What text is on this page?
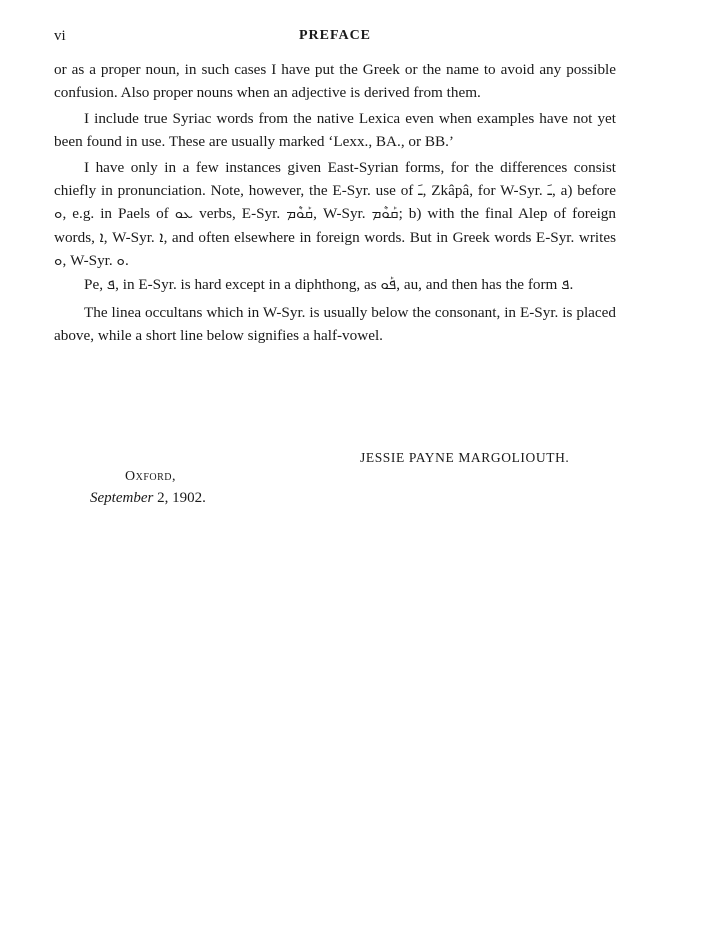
vi	PREFACE

or as a proper noun, in such cases I have put the Greek or the name to avoid any possible confusion. Also proper nouns when an adjective is derived from them.

I include true Syriac words from the native Lexica even when examples have not yet been found in use. These are usually marked ‘Lexx., BA., or BB.’

I have only in a few instances given East-Syrian forms, for the differences consist chiefly in pronunciation. Note, however, the E-Syr. use of ـَ, Zkâpâ, for W-Syr. ـَ, a) before ܘ, e.g. in Paels of ܥܘ verbs, E-Syr. ܩܰܘܶܡ, W-Syr. ܩܰܘܶܡ; b) with the final Alep of foreign words, ܐ, W-Syr. ܐ, and often elsewhere in foreign words. But in Greek words E-Syr. writes ܘ, W-Syr. ܘ.

Pe, ܦ, in E-Syr. is hard except in a diphthong, as ܦܰܘ, au, and then has the form ܦ.

The linea occultans which in W-Syr. is usually below the consonant, in E-Syr. is placed above, while a short line below signifies a half-vowel.

JESSIE PAYNE MARGOLIOUTH.
Oxford,
September 2, 1902.
